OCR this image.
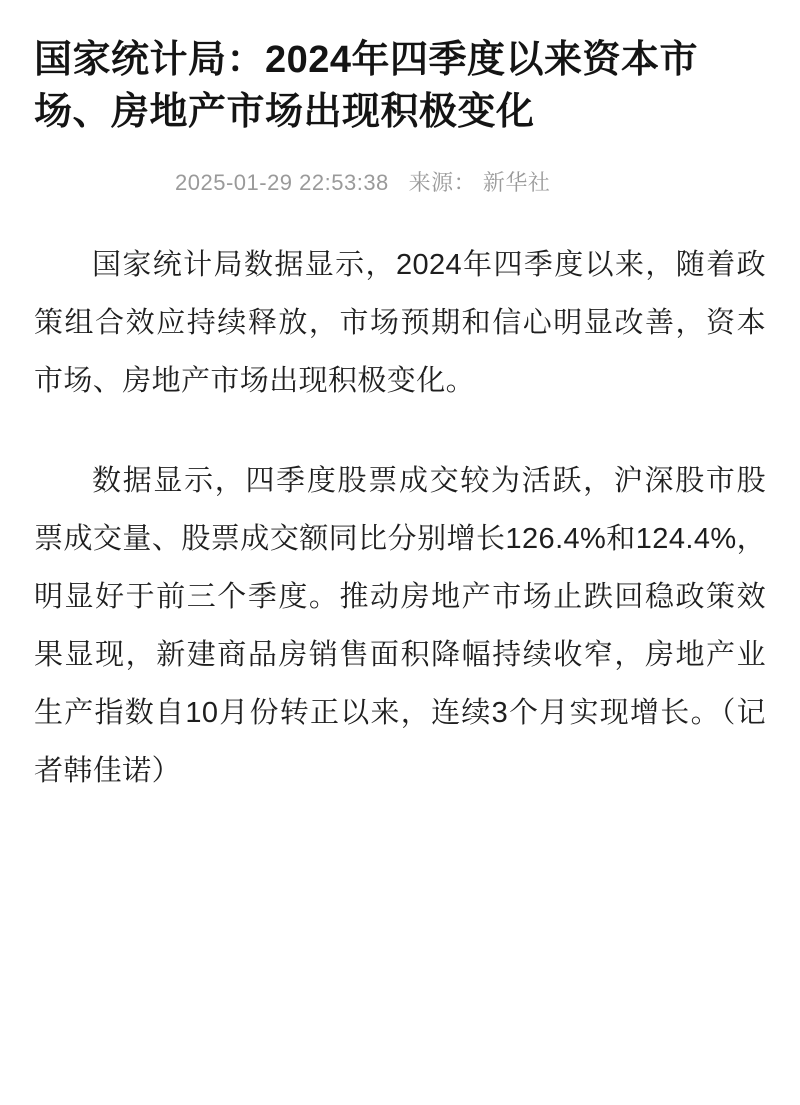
国家统计局：2024年四季度以来资本市场、房地产市场出现积极变化
2025-01-29 22:53:38 来源： 新华社

国家统计局数据显示，2024年四季度以来，随着政策组合效应持续释放，市场预期和信心明显改善，资本市场、房地产市场出现积极变化。

数据显示，四季度股票成交较为活跃，沪深股市股票成交量、股票成交额同比分别增长126.4%和124.4%，明显好于前三个季度。推动房地产市场止跌回稳政策效果显现，新建商品房销售面积降幅持续收窄，房地产业生产指数自10月份转正以来，连续3个月实现增长。（记者韩佳诺）
